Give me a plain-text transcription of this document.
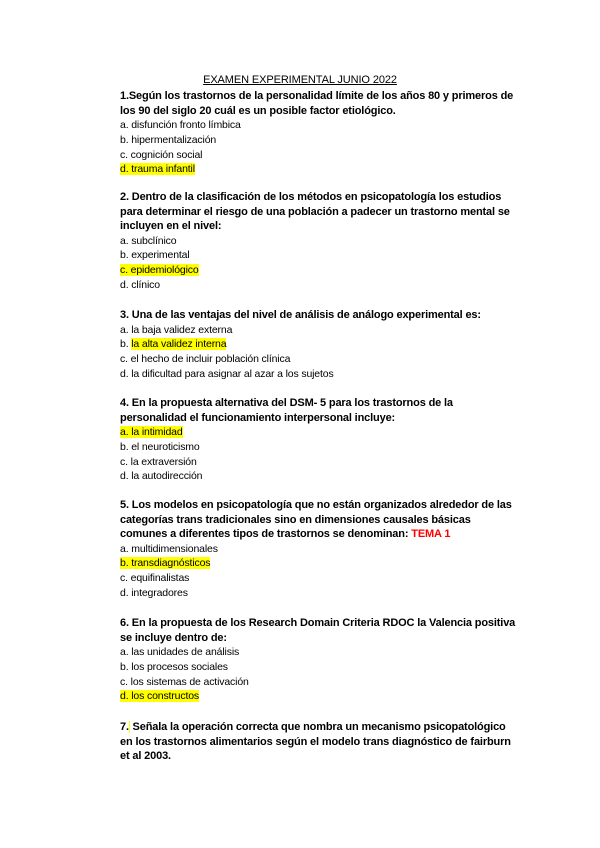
EXAMEN EXPERIMENTAL JUNIO 2022

1.Según los trastornos de la personalidad límite de los años 80 y primeros de los 90 del siglo 20 cuál es un posible factor etiológico.

a. disfunción fronto límbica

b. hipermentalización

c. cognición social

d. trauma infantil

2. Dentro de la clasificación de los métodos en psicopatología los estudios para determinar el riesgo de una población a padecer un trastorno mental se incluyen en el nivel:

a. subclínico

b. experimental

c. epidemiológico

d. clínico

3. Una de las ventajas del nivel de análisis de análogo experimental es:

a. la baja validez externa

b. la alta validez interna

c. el hecho de incluir población clínica

d. la dificultad para asignar al azar a los sujetos

4. En la propuesta alternativa del DSM- 5 para los trastornos de la personalidad el funcionamiento interpersonal incluye:

a. la intimidad

b. el neuroticismo

c. la extraversión

d. la autodirección

5. Los modelos en psicopatología que no están organizados alrededor de las categorías trans tradicionales sino en dimensiones causales básicas comunes a diferentes tipos de trastornos se denominan: TEMA 1

a. multidimensionales

b. transdiagnósticos

c. equifinalistas

d. integradores

6. En la propuesta de los Research Domain Criteria RDOC la Valencia positiva se incluye dentro de:

a. las unidades de análisis

b. los procesos sociales

c. los sistemas de activación

d. los constructos

7.  Señala la operación correcta que nombra un mecanismo psicopatológico en los trastornos alimentarios según el modelo trans diagnóstico de fairburn et al 2003.
